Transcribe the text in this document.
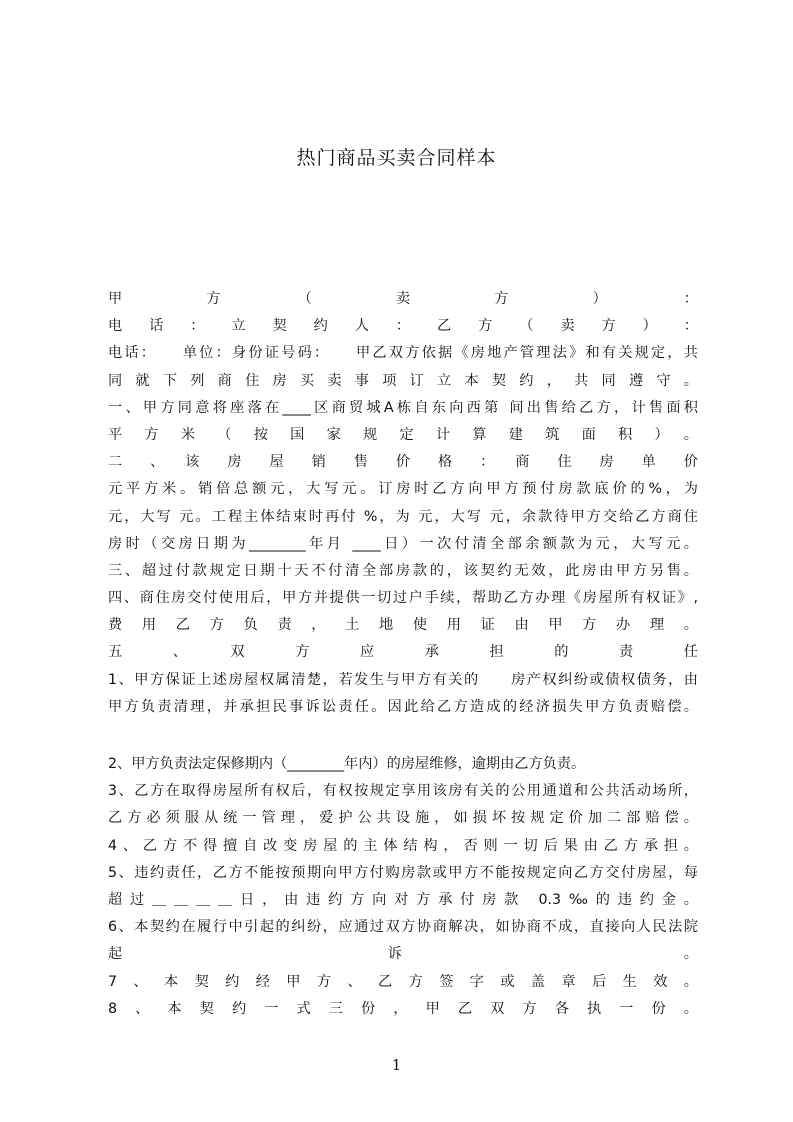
热门商品买卖合同样本
甲　方　（　卖　方　）　：
电 话 ： 立 契 约 人 ： 乙 方 （ 卖 方 ） ：
电话：　　单位：身份证号码：　　甲乙双方依据《房地产管理法》和有关规定，共
同就下列商住房买卖事项订立本契约，共同遵守。
一、甲方同意将座落在____区商贸城A栋自东向西第 间出售给乙方，计售面积
平方米（按国家规定计算建筑面积）。
二　、　该　房　屋　销　售　价　格　：　商　住　房　单　价
元平方米。销倍总额元，大写元。订房时乙方向甲方预付房款底价的%，为
元，大写 元。工程主体结束时再付 %，为 元，大写 元，余款待甲方交给乙方商住
房时（交房日期为________年月 ____日）一次付清全部余额款为元，大写元。
三、超过付款规定日期十天不付清全部房款的，该契约无效，此房由甲方另售。
四、商住房交付使用后，甲方并提供一切过户手续，帮助乙方办理《房屋所有权证》,
费用乙方负责，土地使用证由甲方办理。
五　、　双　方　应　承　担　的　责　任
1、甲方保证上述房屋权属清楚，若发生与甲方有关的　　房产权纠纷或债权债务，由
甲方负责清理，并承担民事诉讼责任。因此给乙方造成的经济损失甲方负责赔偿。
2、甲方负责法定保修期内（________年内）的房屋维修，逾期由乙方负责。
3、乙方在取得房屋所有权后，有权按规定享用该房有关的公用通道和公共活动场所，
乙方必须服从统一管理，爱护公共设施，如损坏按规定价加二部赔偿。
4、乙方不得擅自改变房屋的主体结构，否则一切后果由乙方承担。
5、违约责任，乙方不能按预期向甲方付购房款或甲方不能按规定向乙方交付房屋，每
超过＿＿＿＿日，由违约方向对方承付房款 0.3‰的违约金。
6、本契约在履行中引起的纠纷，应通过双方协商解决，如协商不成，直接向人民法院
起　　　　　　　　　　　　　　　　诉　　　　　　　　　　　　　　　　　。
7、本契约经甲方、乙方签字或盖章后生效。
8、本契约一式三份，甲乙双方各执一份。
1
